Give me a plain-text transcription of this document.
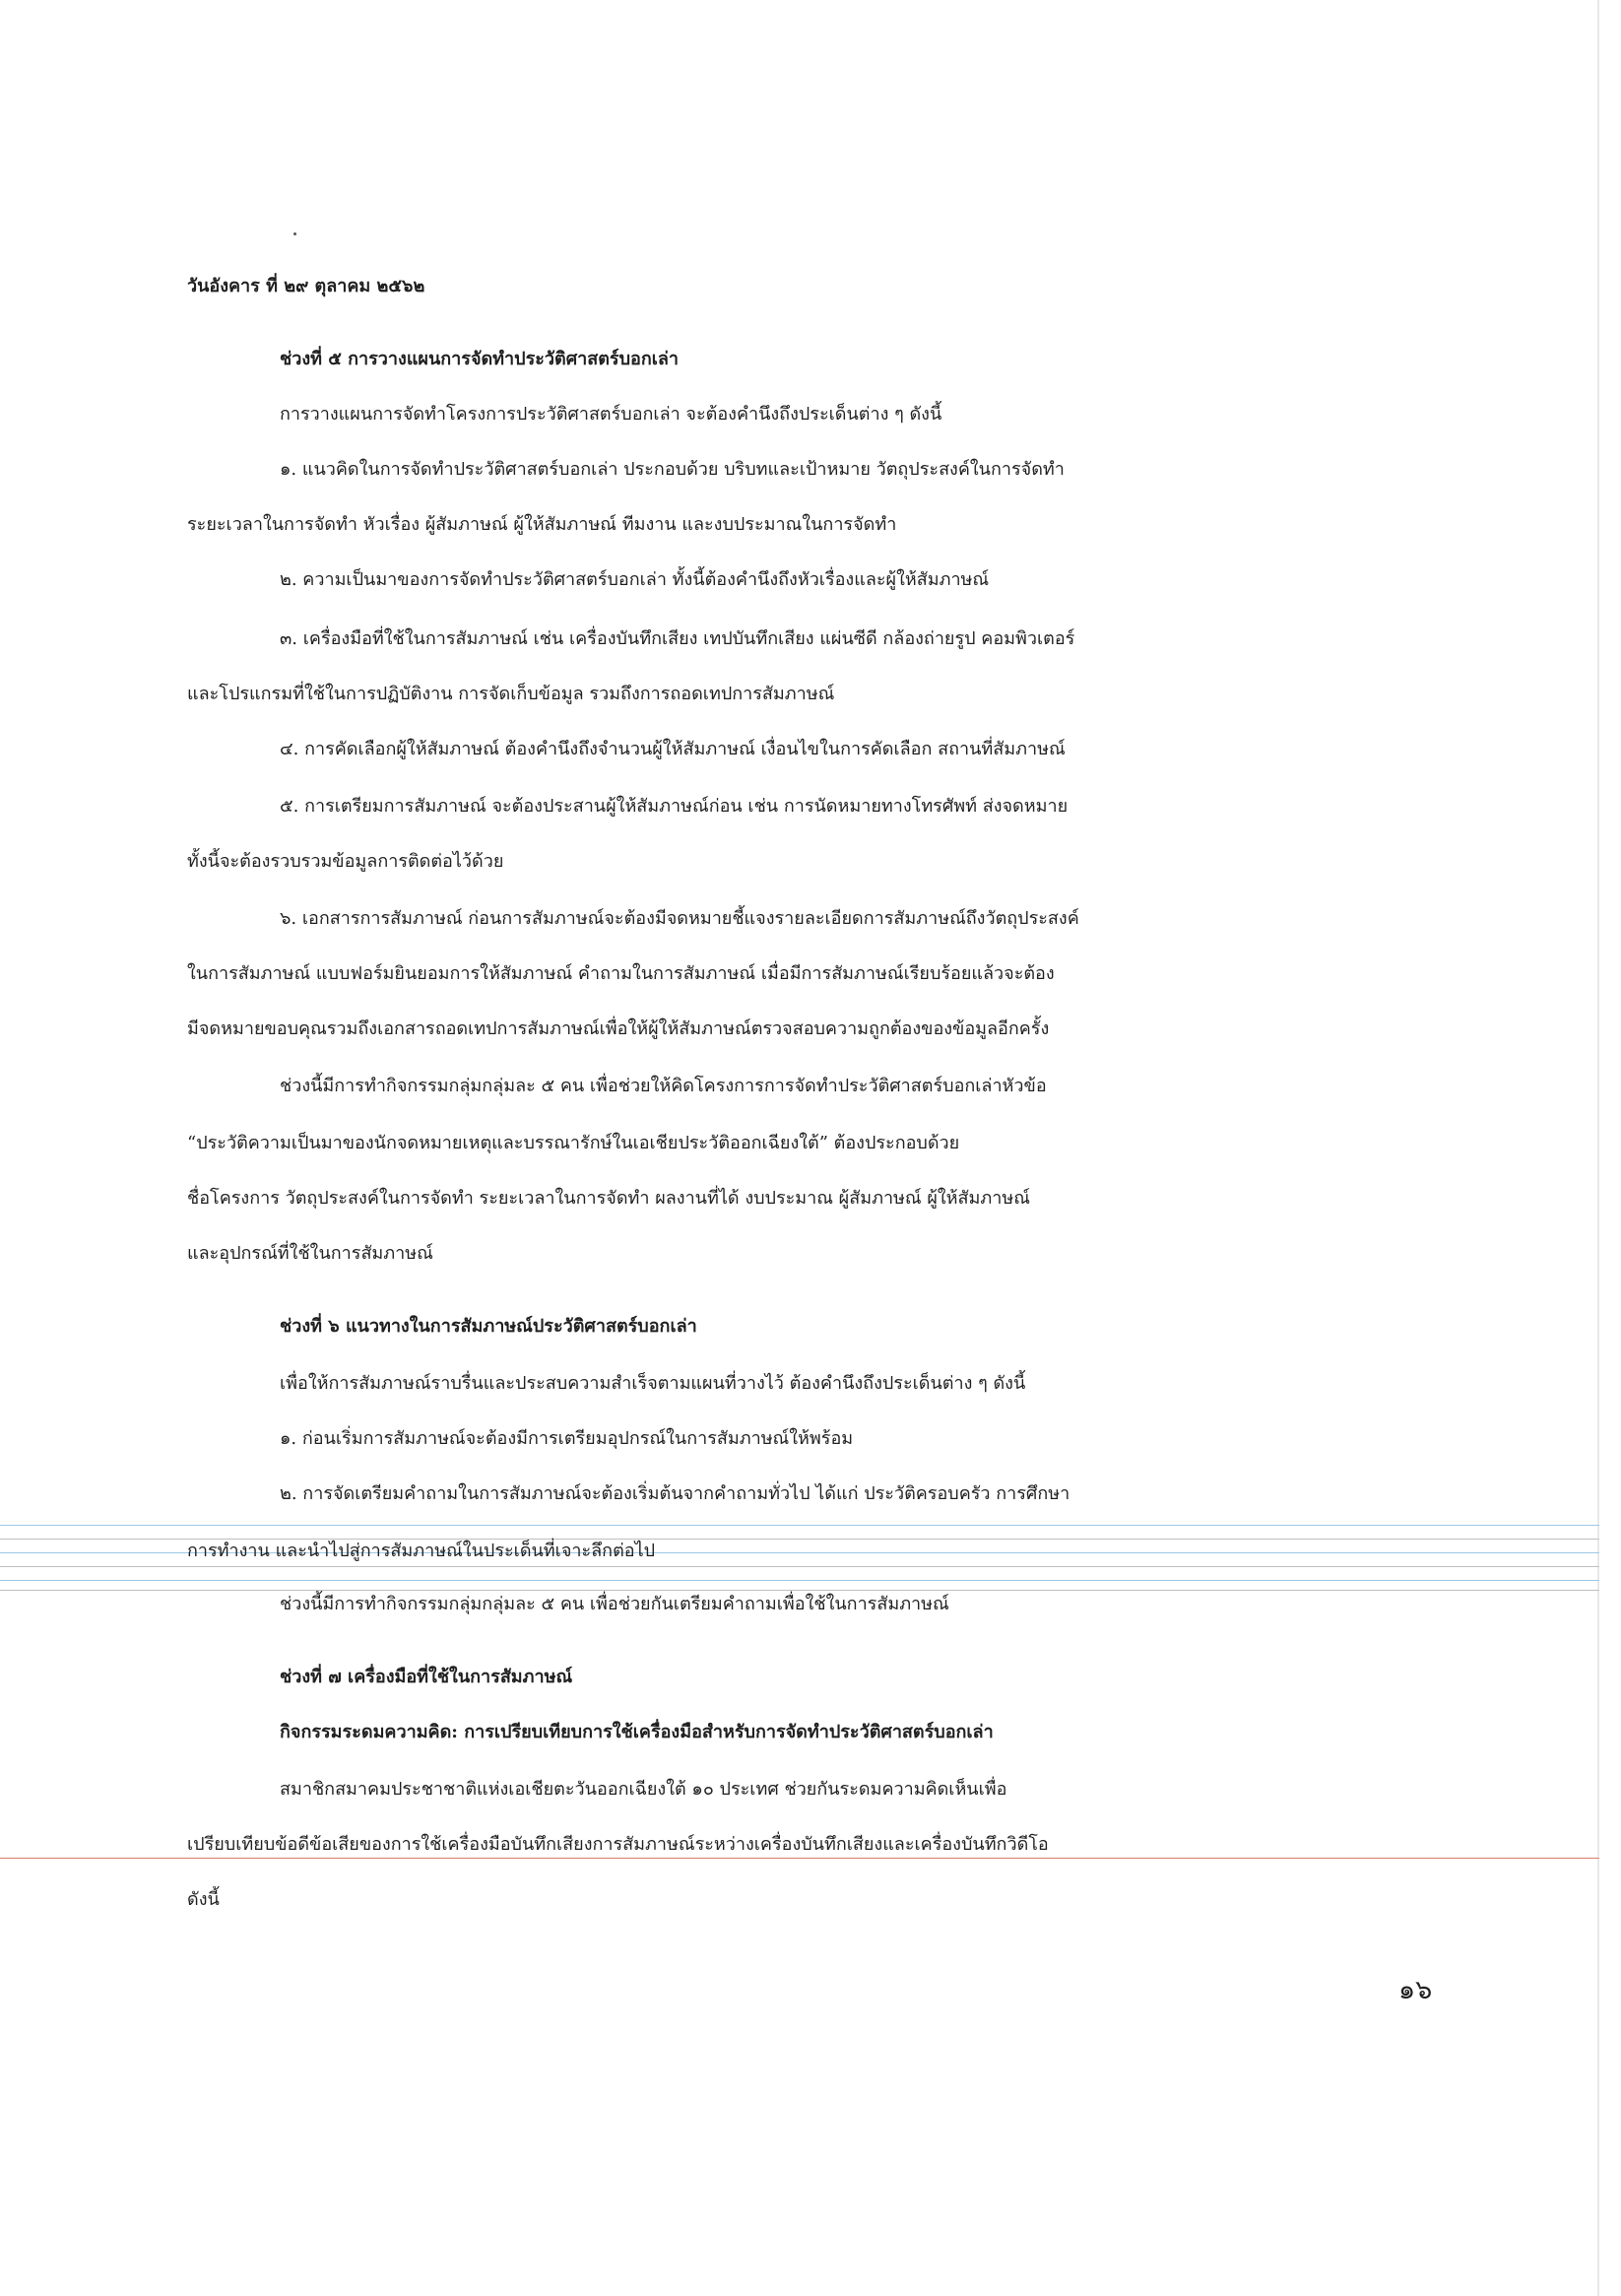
วันอังคาร ที่ ๒๙ ตุลาคม ๒๕๖๒
ช่วงที่ ๕ การวางแผนการจัดทำประวัติศาสตร์บอกเล่า
การวางแผนการจัดทำโครงการประวัติศาสตร์บอกเล่า จะต้องคำนึงถึงประเด็นต่าง ๆ ดังนี้
๑. แนวคิดในการจัดทำประวัติศาสตร์บอกเล่า ประกอบด้วย บริบทและเป้าหมาย วัตถุประสงค์ในการจัดทำ
ระยะเวลาในการจัดทำ หัวเรื่อง ผู้สัมภาษณ์ ผู้ให้สัมภาษณ์ ทีมงาน และงบประมาณในการจัดทำ
๒. ความเป็นมาของการจัดทำประวัติศาสตร์บอกเล่า ทั้งนี้ต้องคำนึงถึงหัวเรื่องและผู้ให้สัมภาษณ์
๓. เครื่องมือที่ใช้ในการสัมภาษณ์ เช่น เครื่องบันทึกเสียง เทปบันทึกเสียง แผ่นซีดี กล้องถ่ายรูป คอมพิวเตอร์
และโปรแกรมที่ใช้ในการปฏิบัติงาน การจัดเก็บข้อมูล รวมถึงการถอดเทปการสัมภาษณ์
๔. การคัดเลือกผู้ให้สัมภาษณ์ ต้องคำนึงถึงจำนวนผู้ให้สัมภาษณ์ เงื่อนไขในการคัดเลือก สถานที่สัมภาษณ์
๕. การเตรียมการสัมภาษณ์ จะต้องประสานผู้ให้สัมภาษณ์ก่อน เช่น การนัดหมายทางโทรศัพท์ ส่งจดหมาย
ทั้งนี้จะต้องรวบรวมข้อมูลการติดต่อไว้ด้วย
๖. เอกสารการสัมภาษณ์ ก่อนการสัมภาษณ์จะต้องมีจดหมายชี้แจงรายละเอียดการสัมภาษณ์ถึงวัตถุประสงค์
ในการสัมภาษณ์ แบบฟอร์มยินยอมการให้สัมภาษณ์ คำถามในการสัมภาษณ์ เมื่อมีการสัมภาษณ์เรียบร้อยแล้วจะต้อง
มีจดหมายขอบคุณรวมถึงเอกสารถอดเทปการสัมภาษณ์เพื่อให้ผู้ให้สัมภาษณ์ตรวจสอบความถูกต้องของข้อมูลอีกครั้ง
ช่วงนี้มีการทำกิจกรรมกลุ่มกลุ่มละ ๕ คน เพื่อช่วยให้คิดโครงการการจัดทำประวัติศาสตร์บอกเล่าหัวข้อ
“ประวัติความเป็นมาของนักจดหมายเหตุและบรรณารักษ์ในเอเชียประวัติออกเฉียงใต้” ต้องประกอบด้วย
ชื่อโครงการ วัตถุประสงค์ในการจัดทำ ระยะเวลาในการจัดทำ ผลงานที่ได้ งบประมาณ ผู้สัมภาษณ์ ผู้ให้สัมภาษณ์
และอุปกรณ์ที่ใช้ในการสัมภาษณ์
ช่วงที่ ๖ แนวทางในการสัมภาษณ์ประวัติศาสตร์บอกเล่า
เพื่อให้การสัมภาษณ์ราบรื่นและประสบความสำเร็จตามแผนที่วางไว้ ต้องคำนึงถึงประเด็นต่าง ๆ ดังนี้
๑. ก่อนเริ่มการสัมภาษณ์จะต้องมีการเตรียมอุปกรณ์ในการสัมภาษณ์ให้พร้อม
๒. การจัดเตรียมคำถามในการสัมภาษณ์จะต้องเริ่มต้นจากคำถามทั่วไป ได้แก่ ประวัติครอบครัว การศึกษา
การทำงาน และนำไปสู่การสัมภาษณ์ในประเด็นที่เจาะลึกต่อไป
ช่วงนี้มีการทำกิจกรรมกลุ่มกลุ่มละ ๕ คน เพื่อช่วยกันเตรียมคำถามเพื่อใช้ในการสัมภาษณ์
ช่วงที่ ๗ เครื่องมือที่ใช้ในการสัมภาษณ์
กิจกรรมระดมความคิด: การเปรียบเทียบการใช้เครื่องมือสำหรับการจัดทำประวัติศาสตร์บอกเล่า
สมาชิกสมาคมประชาชาติแห่งเอเชียตะวันออกเฉียงใต้ ๑๐ ประเทศ ช่วยกันระดมความคิดเห็นเพื่อ
เปรียบเทียบข้อดีข้อเสียของการใช้เครื่องมือบันทึกเสียงการสัมภาษณ์ระหว่างเครื่องบันทึกเสียงและเครื่องบันทึกวิดีโอ
ดังนี้
๑๖
